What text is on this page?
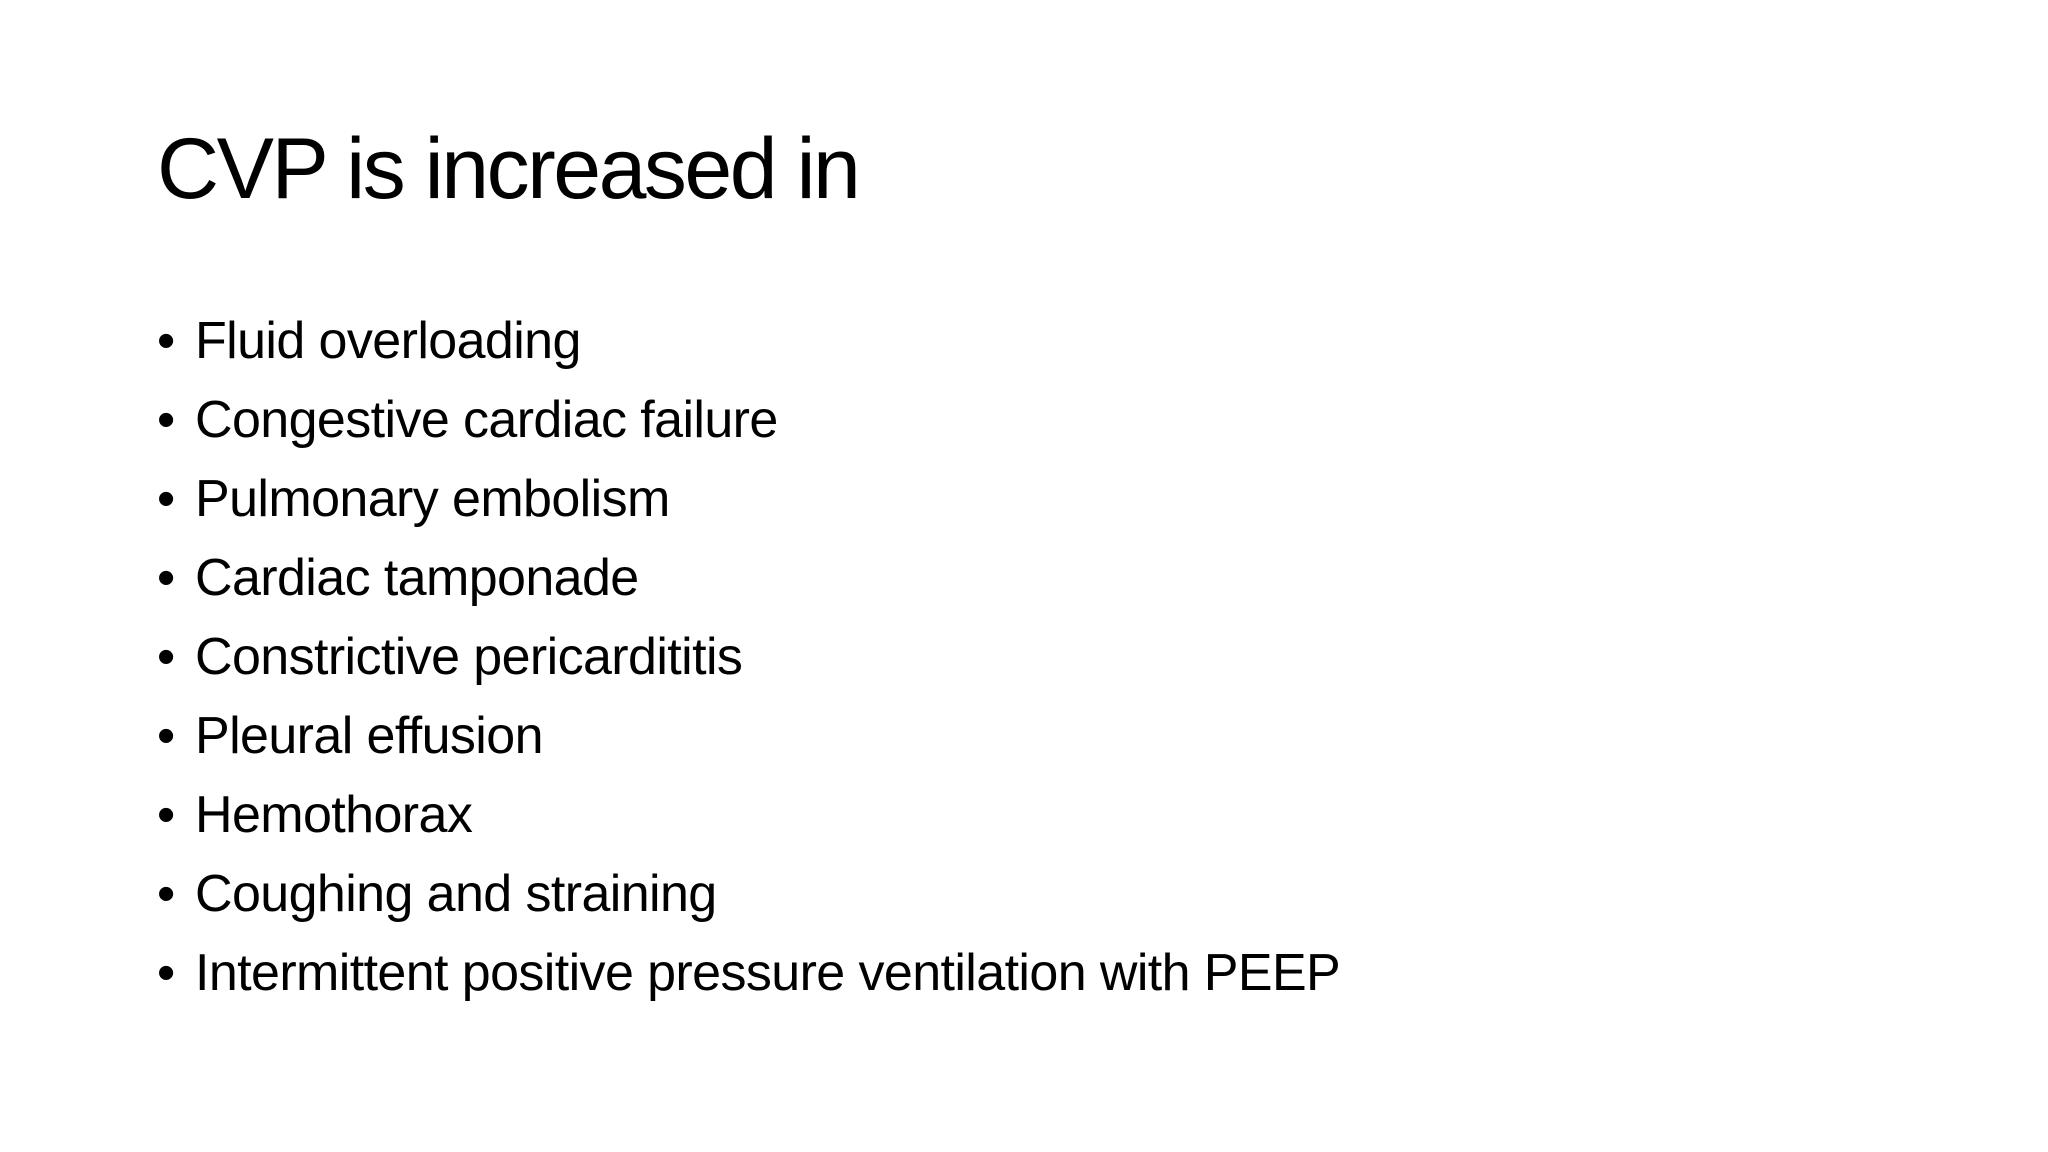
CVP is increased in
• Fluid overloading
• Congestive cardiac failure
• Pulmonary embolism
• Cardiac tamponade
• Constrictive pericardititis
• Pleural effusion
• Hemothorax
• Coughing and straining
• Intermittent positive pressure ventilation with PEEP
